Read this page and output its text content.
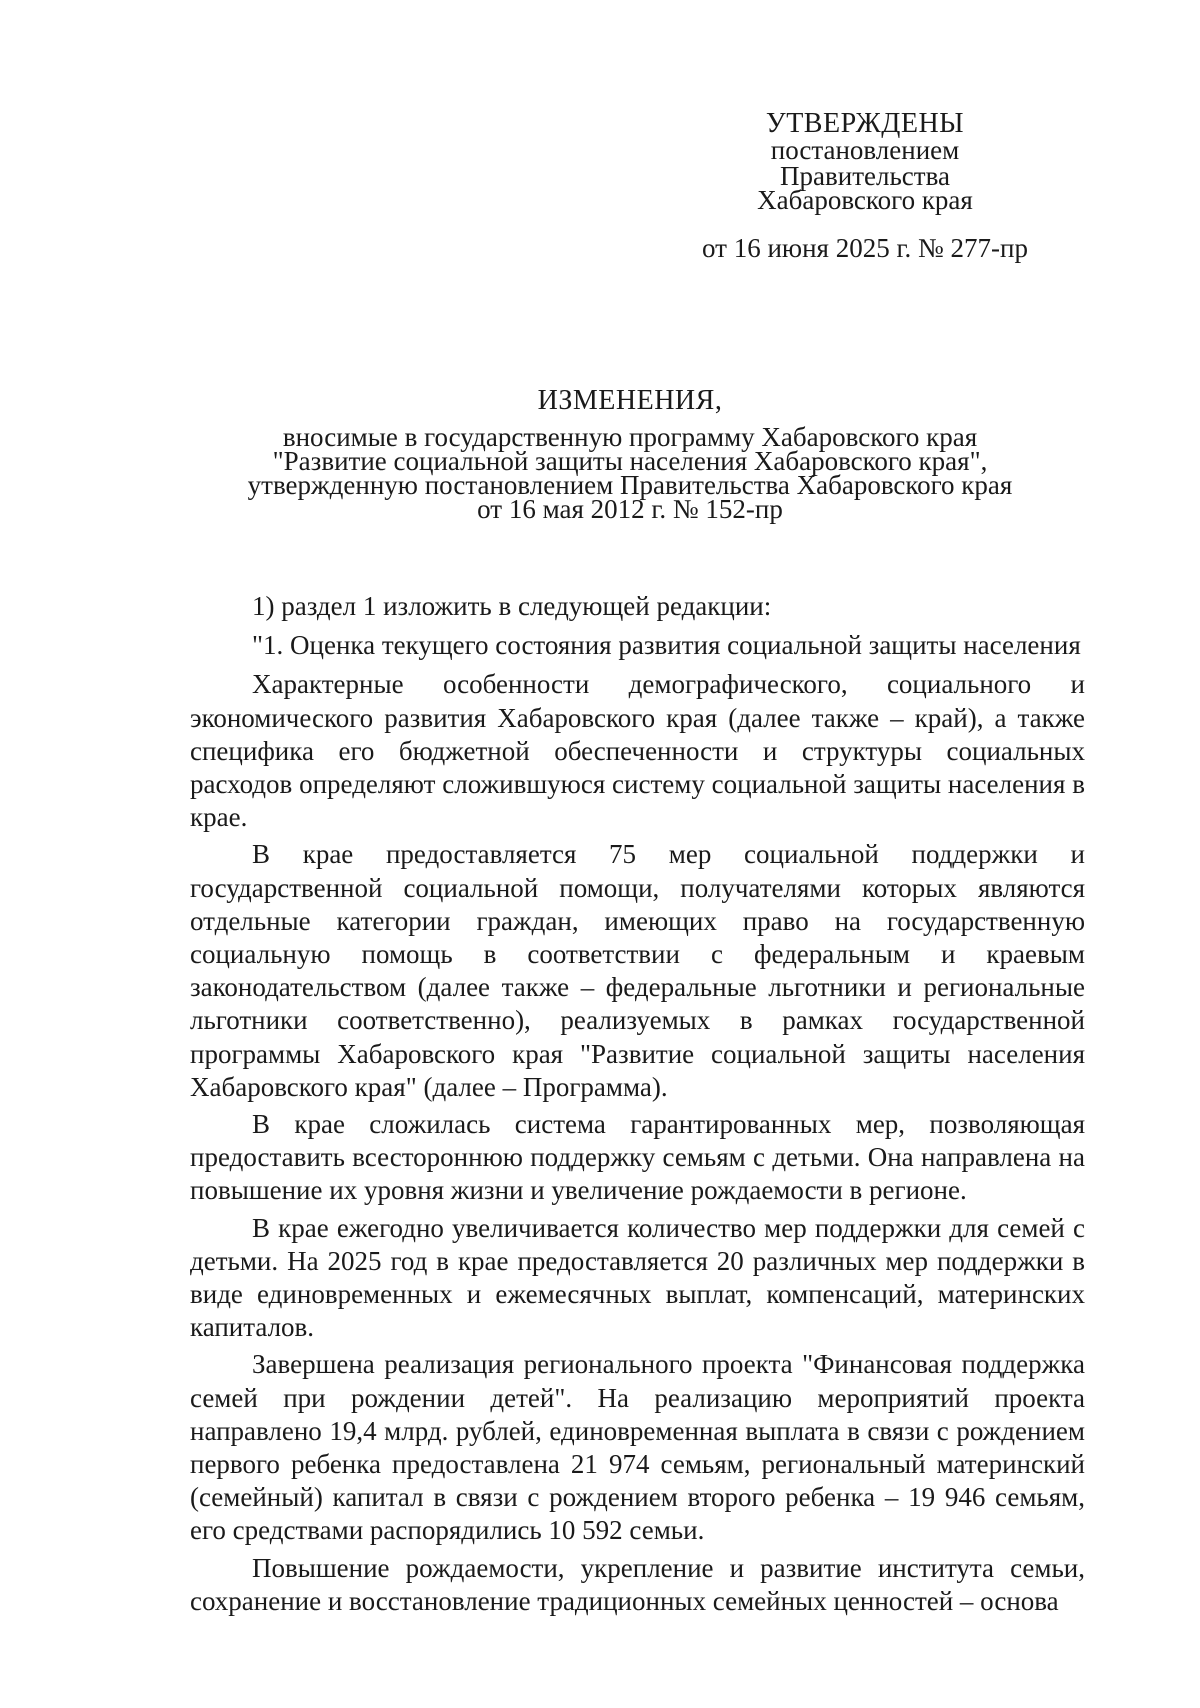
УТВЕРЖДЕНЫ
постановлением
Правительства
Хабаровского края
от 16 июня 2025 г. № 277-пр
ИЗМЕНЕНИЯ,
вносимые в государственную программу Хабаровского края
"Развитие социальной защиты населения Хабаровского края",
утвержденную постановлением Правительства Хабаровского края
от 16 мая 2012 г. № 152-пр

1) раздел 1 изложить в следующей редакции:

"1. Оценка текущего состояния развития социальной защиты населения

Характерные особенности демографического, социального и экономического развития Хабаровского края (далее также – край), а также специфика его бюджетной обеспеченности и структуры социальных расходов определяют сложившуюся систему социальной защиты населения в крае.

В крае предоставляется 75 мер социальной поддержки и государственной социальной помощи, получателями которых являются отдельные категории граждан, имеющих право на государственную социальную помощь в соответствии с федеральным и краевым законодательством (далее также – федеральные льготники и региональные льготники соответственно), реализуемых в рамках государственной программы Хабаровского края "Развитие социальной защиты населения Хабаровского края" (далее – Программа).

В крае сложилась система гарантированных мер, позволяющая предоставить всестороннюю поддержку семьям с детьми. Она направлена на повышение их уровня жизни и увеличение рождаемости в регионе.

В крае ежегодно увеличивается количество мер поддержки для семей с детьми. На 2025 год в крае предоставляется 20 различных мер поддержки в виде единовременных и ежемесячных выплат, компенсаций, материнских капиталов.

Завершена реализация регионального проекта "Финансовая поддержка семей при рождении детей". На реализацию мероприятий проекта направлено 19,4 млрд. рублей, единовременная выплата в связи с рождением первого ребенка предоставлена 21 974 семьям, региональный материнский (семейный) капитал в связи с рождением второго ребенка – 19 946 семьям, его средствами распорядились 10 592 семьи.

Повышение рождаемости, укрепление и развитие института семьи, сохранение и восстановление традиционных семейных ценностей – основа
